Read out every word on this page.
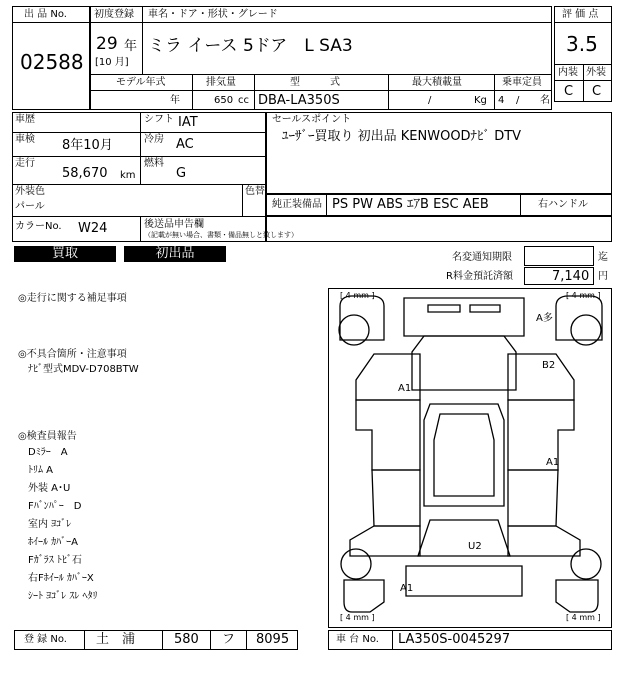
出 品 No.
02588
初度登録
29 年
[10 月]
車名・ドア・形状・グレード
ミラ イース 5ドア　L SA3
モデル年式
年
排気量
650 cc
型　　　式
DBA-LA350S
最大積載量
/	Kg
乗車定員
4 / 名
評 価 点
3.5
内装 外装
C C
車歴	シフト IAT
車検 8年10月	冷房 AC
走行
58,670 km
燃料
G
外装色
パール
色替
カラーNo. W24	後送品申告欄
（記載が無い場合、書類・備品無しと致します）
セールスポイント
ﾕｰｻﾞｰ買取り 初出品 KENWOODﾅﾋﾞ DTV
純正装備品 PS PW ABS ｴｱB ESC AEB	右ハンドル
買取	初出品	名変通知期限	迄
R料金預託済額	7,140 円
◎走行に関する補足事項
◎不具合箇所・注意事項
ﾅﾋﾞ型式MDV-D708BTW
◎検査員報告
Dﾐﾗｰ　A
ﾄﾘﾑ A
外装 A･U
Fﾊﾞﾝﾊﾟｰ　D
室内 ﾖｺﾞﾚ
ﾎｲｰﾙ ｶﾊﾞｰA
Fｶﾞﾗｽ ﾄﾋﾞ石
右Fﾎｲｰﾙ ｶﾊﾞｰX
ｼｰﾄ ﾖｺﾞﾚ ｽﾚ ﾍﾀﾘ
[ 4 mm ]	[ 4 mm ]
[ 4 mm ]	[ 4 mm ]
A多
B2
A1
A1
U2
A1
登 録 No. 土　浦	580 フ 8095	車 台 No. LA350S-0045297
